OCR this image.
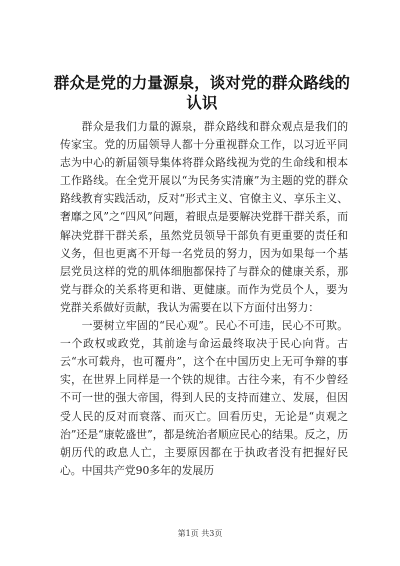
群众是党的力量源泉，谈对党的群众路线的认识

群众是我们力量的源泉，群众路线和群众观点是我们的传家宝。党的历届领导人都十分重视群众工作，以习近平同志为中心的新届领导集体将群众路线视为党的生命线和根本工作路线。在全党开展以“为民务实清廉”为主题的党的群众路线教育实践活动，反对“形式主义、官僚主义、享乐主义、奢靡之风”之“四风”问题，着眼点是要解决党群干群关系，而解决党群干群关系，虽然党员领导干部负有更重要的责任和义务，但也更离不开每一名党员的努力，因为如果每一个基层党员这样的党的肌体细胞都保持了与群众的健康关系，那党与群众的关系将更和谐、更健康。而作为党员个人，要为党群关系做好贡献，我认为需要在以下方面付出努力：

一要树立牢固的“民心观”。民心不可违，民心不可欺。一个政权或政党，其前途与命运最终取决于民心向背。古云“水可载舟，也可覆舟”，这个在中国历史上无可争辩的事实，在世界上同样是一个铁的规律。古往今来，有不少曾经不可一世的强大帝国，得到人民的支持而建立、发展，但因受人民的反对而衰落、而灭亡。回看历史，无论是“贞观之治”还是“康乾盛世”，都是统治者顺应民心的结果。反之，历朝历代的政息人亡，主要原因都在于执政者没有把握好民心。中国共产党90多年的发展历

第1页 共3页
